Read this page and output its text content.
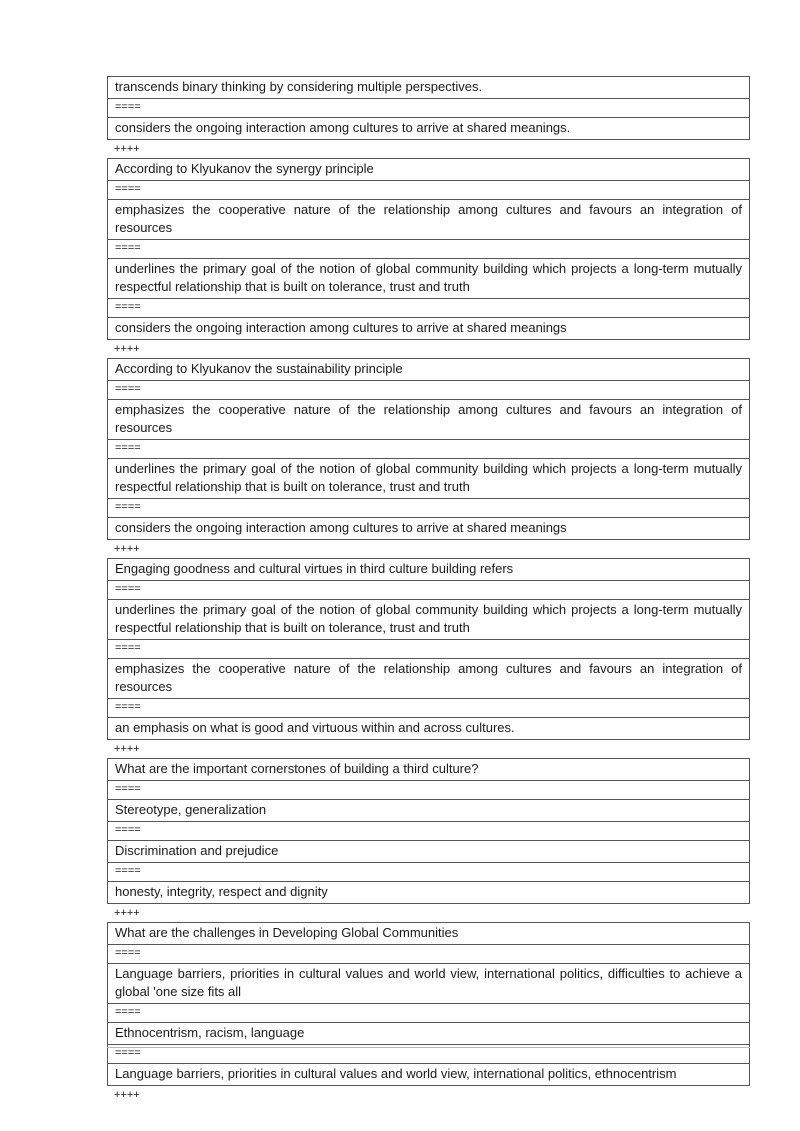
transcends binary thinking by considering multiple perspectives.
====
considers the ongoing interaction among cultures to arrive at shared meanings.
++++
According to Klyukanov the synergy principle
====
emphasizes the cooperative nature of the relationship among cultures and favours an integration of resources
====
underlines the primary goal of the notion of global community building which projects a long-term mutually respectful relationship that is built on tolerance, trust and truth
====
considers the ongoing interaction among cultures to arrive at shared meanings
++++
According to Klyukanov the sustainability principle
====
emphasizes the cooperative nature of the relationship among cultures and favours an integration of resources
====
underlines the primary goal of the notion of global community building which projects a long-term mutually respectful relationship that is built on tolerance, trust and truth
====
considers the ongoing interaction among cultures to arrive at shared meanings
++++
Engaging goodness and cultural virtues in third culture building refers
====
underlines the primary goal of the notion of global community building which projects a long-term mutually respectful relationship that is built on tolerance, trust and truth
====
emphasizes the cooperative nature of the relationship among cultures and favours an integration of resources
====
an emphasis on what is good and virtuous within and across cultures.
++++
What are the important cornerstones of building a third culture?
====
Stereotype, generalization
====
Discrimination and prejudice
====
honesty, integrity, respect and dignity
++++
What are the challenges in Developing Global Communities
====
Language barriers, priorities in cultural values and world view, international politics, difficulties to achieve a global 'one size fits all
====
Ethnocentrism, racism, language
====
Language barriers, priorities in cultural values and world view, international politics, ethnocentrism
++++
